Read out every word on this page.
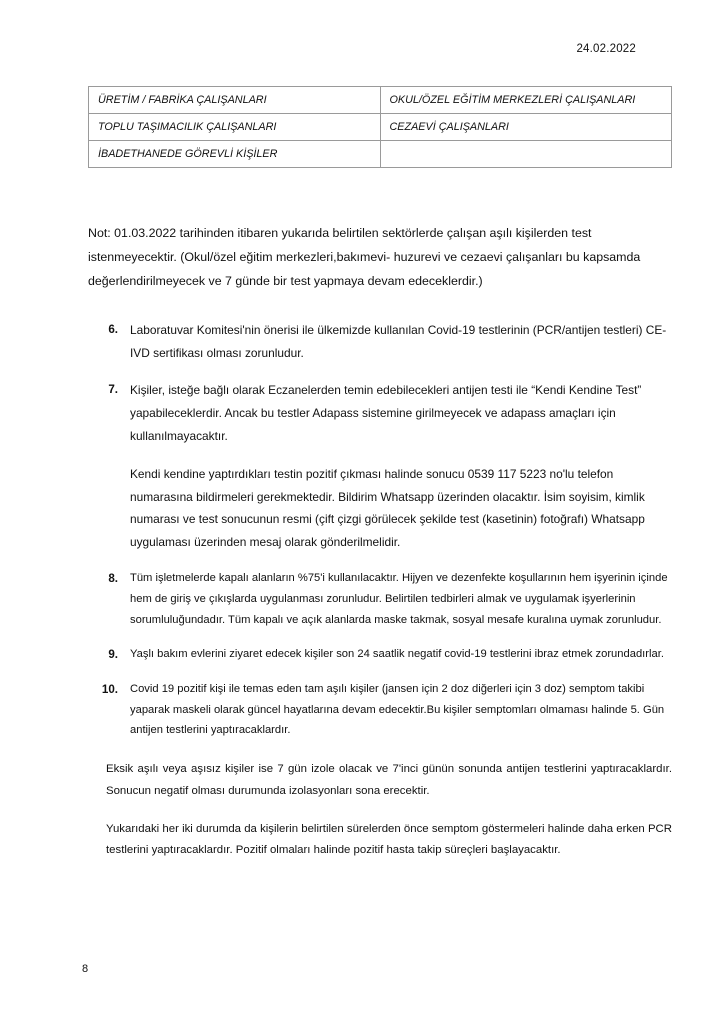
24.02.2022
ÜRETİM / FABRİKA ÇALIŞANLARI	OKUL/ÖZEL EĞİTİM MERKEZLERİ ÇALIŞANLARI
TOPLU TAŞIMACILIK ÇALIŞANLARI	CEZAEVİ ÇALIŞANLARI
İBADETHANEDE GÖREVLİ KİŞİLER	

Not: 01.03.2022 tarihinden itibaren yukarıda belirtilen sektörlerde çalışan aşılı kişilerden test istenmeyecektir. (Okul/özel eğitim merkezleri,bakımevi- huzurevi ve cezaevi çalışanları bu kapsamda değerlendirilmeyecek ve 7 günde bir test yapmaya devam edeceklerdir.)

6. Laboratuvar Komitesi'nin önerisi ile ülkemizde kullanılan Covid-19 testlerinin (PCR/antijen testleri) CE-IVD sertifikası olması zorunludur.

7. Kişiler, isteğe bağlı olarak Eczanelerden temin edebilecekleri antijen testi ile “Kendi Kendine Test” yapabileceklerdir. Ancak bu testler Adapass sistemine girilmeyecek ve adapass amaçları için kullanılmayacaktır.

Kendi kendine yaptırdıkları testin pozitif çıkması halinde sonucu 0539 117 5223 no'lu telefon numarasına bildirmeleri gerekmektedir. Bildirim Whatsapp üzerinden olacaktır. İsim soyisim, kimlik numarası ve test sonucunun resmi (çift çizgi görülecek şekilde test (kasetinin) fotoğrafı) Whatsapp uygulaması üzerinden mesaj olarak gönderilmelidir.

8. Tüm işletmelerde kapalı alanların %75'i kullanılacaktır. Hijyen ve dezenfekte koşullarının hem işyerinin içinde hem de giriş ve çıkışlarda uygulanması zorunludur. Belirtilen tedbirleri almak ve uygulamak işyerlerinin sorumluluğundadır. Tüm kapalı ve açık alanlarda maske takmak, sosyal mesafe kuralına uymak zorunludur.

9. Yaşlı bakım evlerini ziyaret edecek kişiler son 24 saatlik negatif covid-19 testlerini ibraz etmek zorundadırlar.

10. Covid 19 pozitif kişi ile temas eden tam aşılı kişiler (jansen için 2 doz diğerleri için 3 doz) semptom takibi yaparak maskeli olarak güncel hayatlarına devam edecektir.Bu kişiler semptomları olmaması halinde 5. Gün antijen testlerini yaptıracaklardır.

Eksik aşılı veya aşısız kişiler ise 7 gün izole olacak ve 7'inci günün sonunda antijen testlerini yaptıracaklardır. Sonucun negatif olması durumunda izolasyonları sona erecektir.

Yukarıdaki her iki durumda da kişilerin belirtilen sürelerden önce semptom göstermeleri halinde daha erken PCR testlerini yaptıracaklardır. Pozitif olmaları halinde pozitif hasta takip süreçleri başlayacaktır.

8
